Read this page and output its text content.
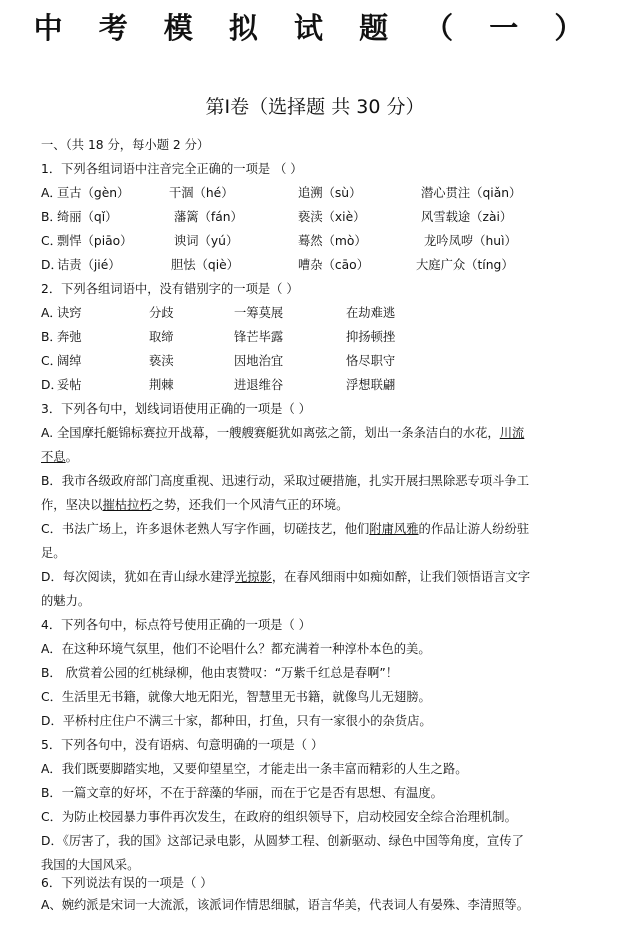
中 考 模 拟 试 题 （ 一 ）
第Ⅰ卷（选择题 共 30 分）
一、（共 18 分，每小题 2 分）
1．下列各组词语中注音完全正确的一项是 （ ）
A．
亘古（gèn）	干涸（hé）	追溯（sù）	潜心贯注（qiǎn）
B．
绮丽（qǐ）	藩篱（fán）	亵渎（xiè）	风雪载途（zài）
C．
剽悍（piāo）	谀词（yú）	蓦然（mò）	龙吟凤哕（huì）
D．
诘责（jié）	胆怯（qiè）	嘈杂（cāo）	大庭广众（tíng）
2．下列各组词语中，没有错别字的一项是（ ）
A．
诀窍	分歧	一筹莫展	在劫难逃
B．
奔弛	取缔	锋芒毕露	抑扬顿挫
C．
阔绰	亵渎	因地治宜	恪尽职守
D．
妥帖	荆棘	进退维谷	浮想联翩
3．下列各句中，划线词语使用正确的一项是（ ）
A. 全国摩托艇锦标赛拉开战幕，一艘艘赛艇犹如离弦之箭，划出一条条洁白的水花，川流
不息。
B．我市各级政府部门高度重视、迅速行动，采取过硬措施，扎实开展扫黑除恶专项斗争工
作，坚决以摧枯拉朽之势，还我们一个风清气正的环境。
C．书法广场上，许多退休老熟人写字作画，切磋技艺，他们附庸风雅的作品让游人纷纷驻
足。
D．每次阅读，犹如在青山绿水建浮光掠影，在春风细雨中如痴如醉，让我们领悟语言文字
的魅力。
4．下列各句中，标点符号使用正确的一项是（ ）
A．在这种环境气氛里，他们不论唱什么？都充满着一种淳朴本色的美。
B． 欣赏着公园的红桃绿柳，他由衷赞叹：“万紫千红总是春啊”！
C．生活里无书籍，就像大地无阳光，智慧里无书籍，就像鸟儿无翅膀。
D．平桥村庄住户不满三十家，都种田，打鱼，只有一家很小的杂货店。
5．下列各句中，没有语病、句意明确的一项是（ ）
A．我们既要脚踏实地，又要仰望星空，才能走出一条丰富而精彩的人生之路。
B．一篇文章的好坏，不在于辞藻的华丽，而在于它是否有思想、有温度。
C．为防止校园暴力事件再次发生，在政府的组织领导下，启动校园安全综合治理机制。
D．《厉害了，我的国》这部记录电影，从圆梦工程、创新驱动、绿色中国等角度，宣传了
我国的大国风采。
6．下列说法有误的一项是（ ）
A、婉约派是宋词一大流派，该派词作情思细腻，语言华美，代表词人有晏殊、李清照等。
